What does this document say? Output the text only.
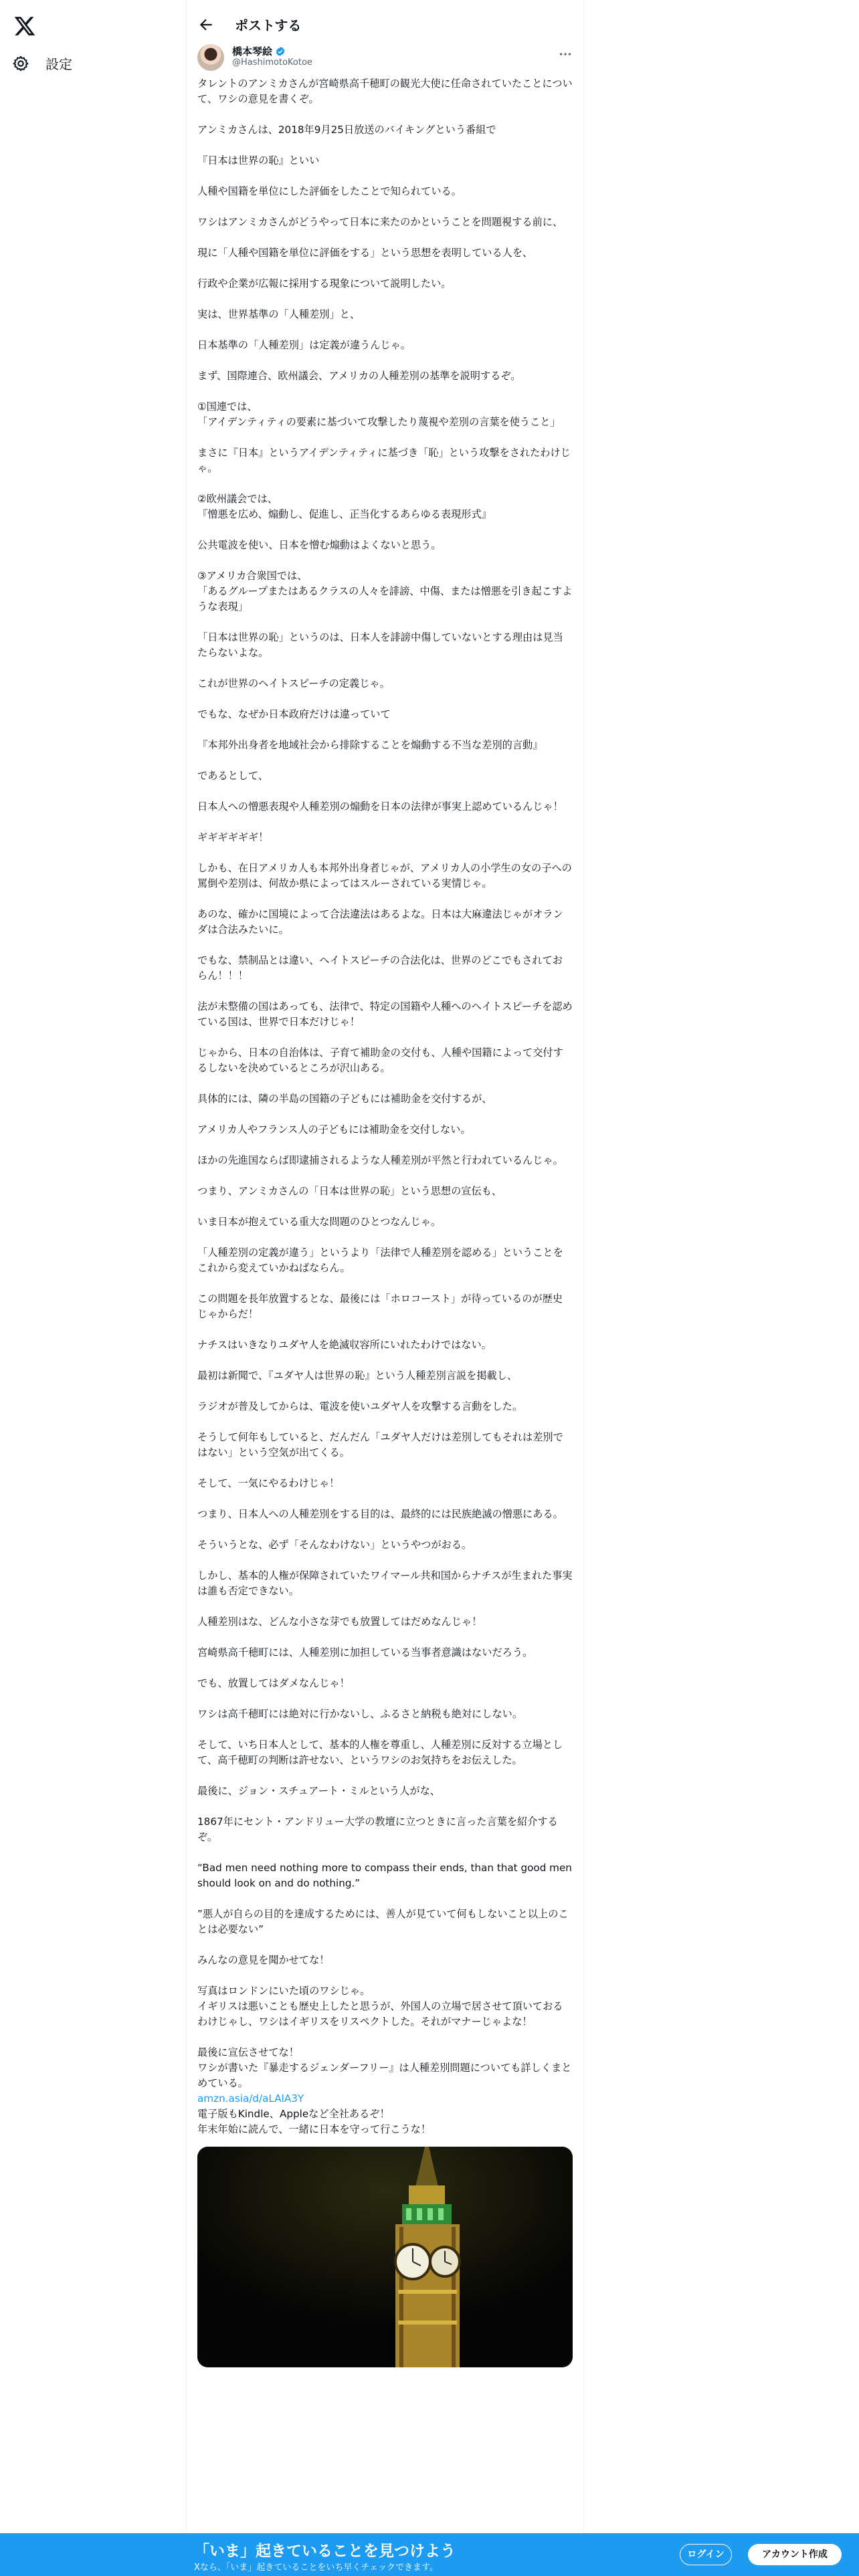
設定
ポストする
橋本琴絵
@HashimotoKotoe
タレントのアンミカさんが宮崎県高千穂町の観光大使に任命されていたことについて、ワシの意見を書くぞ。
アンミカさんは、2018年9月25日放送のバイキングという番組で
『日本は世界の恥』といい
人種や国籍を単位にした評価をしたことで知られている。
ワシはアンミカさんがどうやって日本に来たのかということを問題視する前に、
現に「人種や国籍を単位に評価をする」という思想を表明している人を、
行政や企業が広報に採用する現象について説明したい。
実は、世界基準の「人種差別」と、
日本基準の「人種差別」は定義が違うんじゃ。
まず、国際連合、欧州議会、アメリカの人種差別の基準を説明するぞ。
①国連では、
「アイデンティティの要素に基づいて攻撃したり蔑視や差別の言葉を使うこと」
まさに『日本』というアイデンティティに基づき「恥」という攻撃をされたわけじゃ。
②欧州議会では、
『憎悪を広め、煽動し、促進し、正当化するあらゆる表現形式』
公共電波を使い、日本を憎む煽動はよくないと思う。
③アメリカ合衆国では、
「あるグループまたはあるクラスの人々を誹謗、中傷、または憎悪を引き起こすような表現」
「日本は世界の恥」というのは、日本人を誹謗中傷していないとする理由は見当たらないよな。
これが世界のヘイトスピーチの定義じゃ。
でもな、なぜか日本政府だけは違っていて
『本邦外出身者を地域社会から排除することを煽動する不当な差別的言動』
であるとして、
日本人への憎悪表現や人種差別の煽動を日本の法律が事実上認めているんじゃ！
ギギギギギギ！
しかも、在日アメリカ人も本邦外出身者じゃが、アメリカ人の小学生の女の子への罵倒や差別は、何故か県によってはスルーされている実情じゃ。
あのな、確かに国境によって合法違法はあるよな。日本は大麻違法じゃがオランダは合法みたいに。
でもな、禁制品とは違い、ヘイトスピーチの合法化は、世界のどこでもされておらん！！！
法が未整備の国はあっても、法律で、特定の国籍や人種へのヘイトスピーチを認めている国は、世界で日本だけじゃ！
じゃから、日本の自治体は、子育て補助金の交付も、人種や国籍によって交付するしないを決めているところが沢山ある。
具体的には、隣の半島の国籍の子どもには補助金を交付するが、
アメリカ人やフランス人の子どもには補助金を交付しない。
ほかの先進国ならば即逮捕されるような人種差別が平然と行われているんじゃ。
つまり、アンミカさんの「日本は世界の恥」という思想の宣伝も、
いま日本が抱えている重大な問題のひとつなんじゃ。
「人種差別の定義が違う」というより「法律で人種差別を認める」ということをこれから変えていかねばならん。
この問題を長年放置するとな、最後には「ホロコースト」が待っているのが歴史じゃからだ！
ナチスはいきなりユダヤ人を絶滅収容所にいれたわけではない。
最初は新聞で、『ユダヤ人は世界の恥』という人種差別言説を掲載し、
ラジオが普及してからは、電波を使いユダヤ人を攻撃する言動をした。
そうして何年もしていると、だんだん「ユダヤ人だけは差別してもそれは差別ではない」という空気が出てくる。
そして、一気にやるわけじゃ！
つまり、日本人への人種差別をする目的は、最終的には民族絶滅の憎悪にある。
そういうとな、必ず「そんなわけない」というやつがおる。
しかし、基本的人権が保障されていたワイマール共和国からナチスが生まれた事実は誰も否定できない。
人種差別はな、どんな小さな芽でも放置してはだめなんじゃ！
宮崎県高千穂町には、人種差別に加担している当事者意識はないだろう。
でも、放置してはダメなんじゃ！
ワシは高千穂町には絶対に行かないし、ふるさと納税も絶対にしない。
そして、いち日本人として、基本的人権を尊重し、人種差別に反対する立場として、高千穂町の判断は許せない、というワシのお気持ちをお伝えした。
最後に、ジョン・スチュアート・ミルという人がな、
1867年にセント・アンドリュー大学の教壇に立つときに言った言葉を紹介するぞ。
“Bad men need nothing more to compass their ends, than that good men should look on and do nothing.”
”悪人が自らの目的を達成するためには、善人が見ていて何もしないこと以上のことは必要ない”
みんなの意見を聞かせてな！
写真はロンドンにいた頃のワシじゃ。
イギリスは悪いことも歴史上したと思うが、外国人の立場で居させて頂いておるわけじゃし、ワシはイギリスをリスペクトした。それがマナーじゃよな！
最後に宣伝させてな！
ワシが書いた『暴走するジェンダーフリー』は人種差別問題についても詳しくまとめている。
amzn.asia/d/aLAlA3Y
電子版もKindle、Appleなど全社あるぞ！
年末年始に読んで、一緒に日本を守って行こうな！
「いま」起きていることを見つけよう
Xなら、「いま」起きていることをいち早くチェックできます。
ログイン	アカウント作成
